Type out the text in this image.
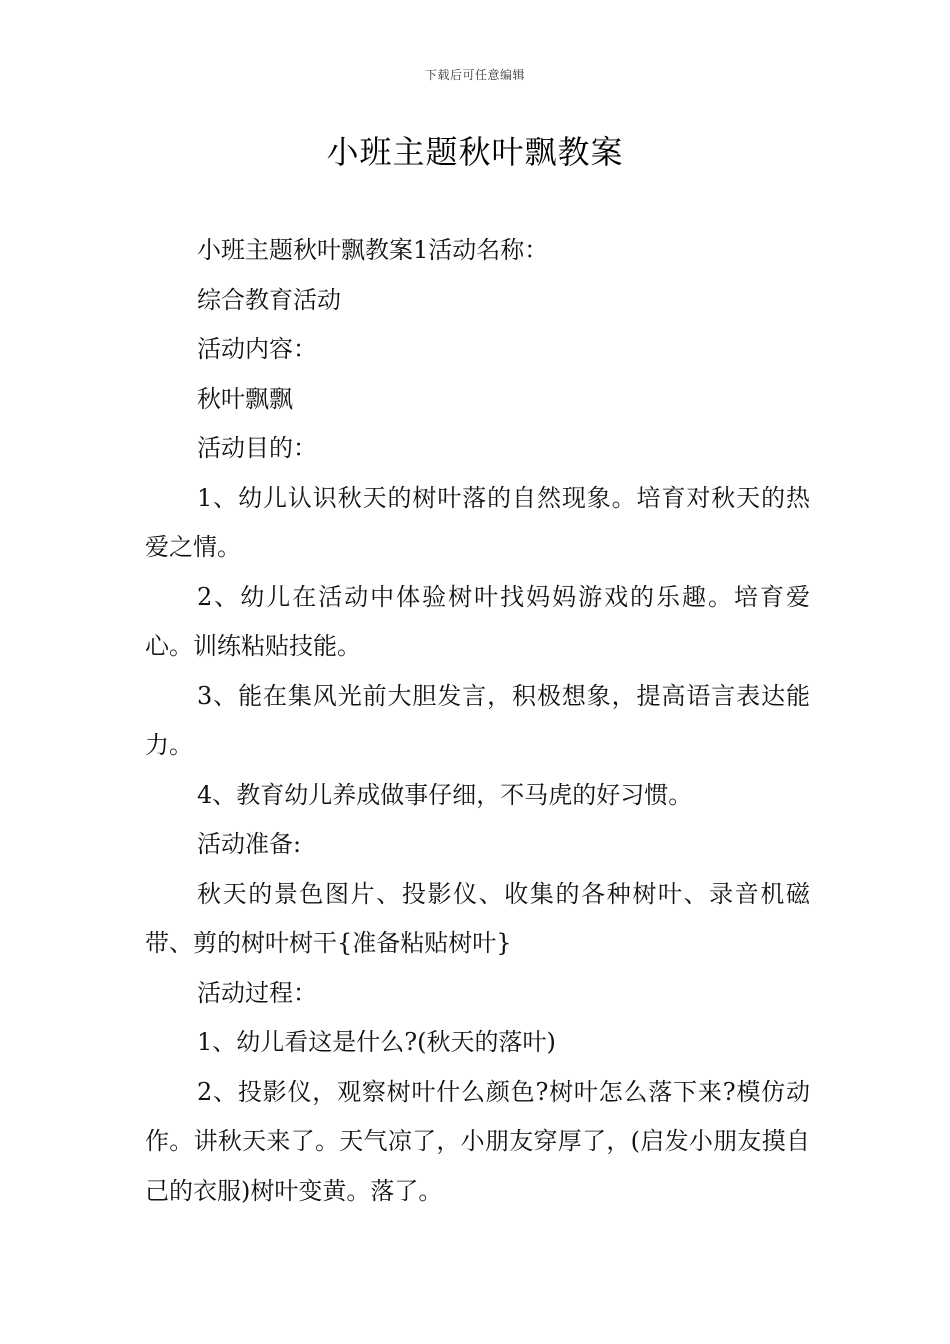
下载后可任意编辑
小班主题秋叶飘教案

小班主题秋叶飘教案1活动名称：

综合教育活动

活动内容：

秋叶飘飘

活动目的：

1、幼儿认识秋天的树叶落的自然现象。培育对秋天的热爱之情。

2、幼儿在活动中体验树叶找妈妈游戏的乐趣。培育爱心。训练粘贴技能。

3、能在集风光前大胆发言，积极想象，提高语言表达能力。

4、教育幼儿养成做事仔细，不马虎的好习惯。

活动准备:

秋天的景色图片、投影仪、收集的各种树叶、录音机磁带、剪的树叶树干{准备粘贴树叶}

活动过程：

1、幼儿看这是什么?(秋天的落叶)

2、投影仪，观察树叶什么颜色?树叶怎么落下来?模仿动作。讲秋天来了。天气凉了，小朋友穿厚了，(启发小朋友摸自己的衣服)树叶变黄。落了。
